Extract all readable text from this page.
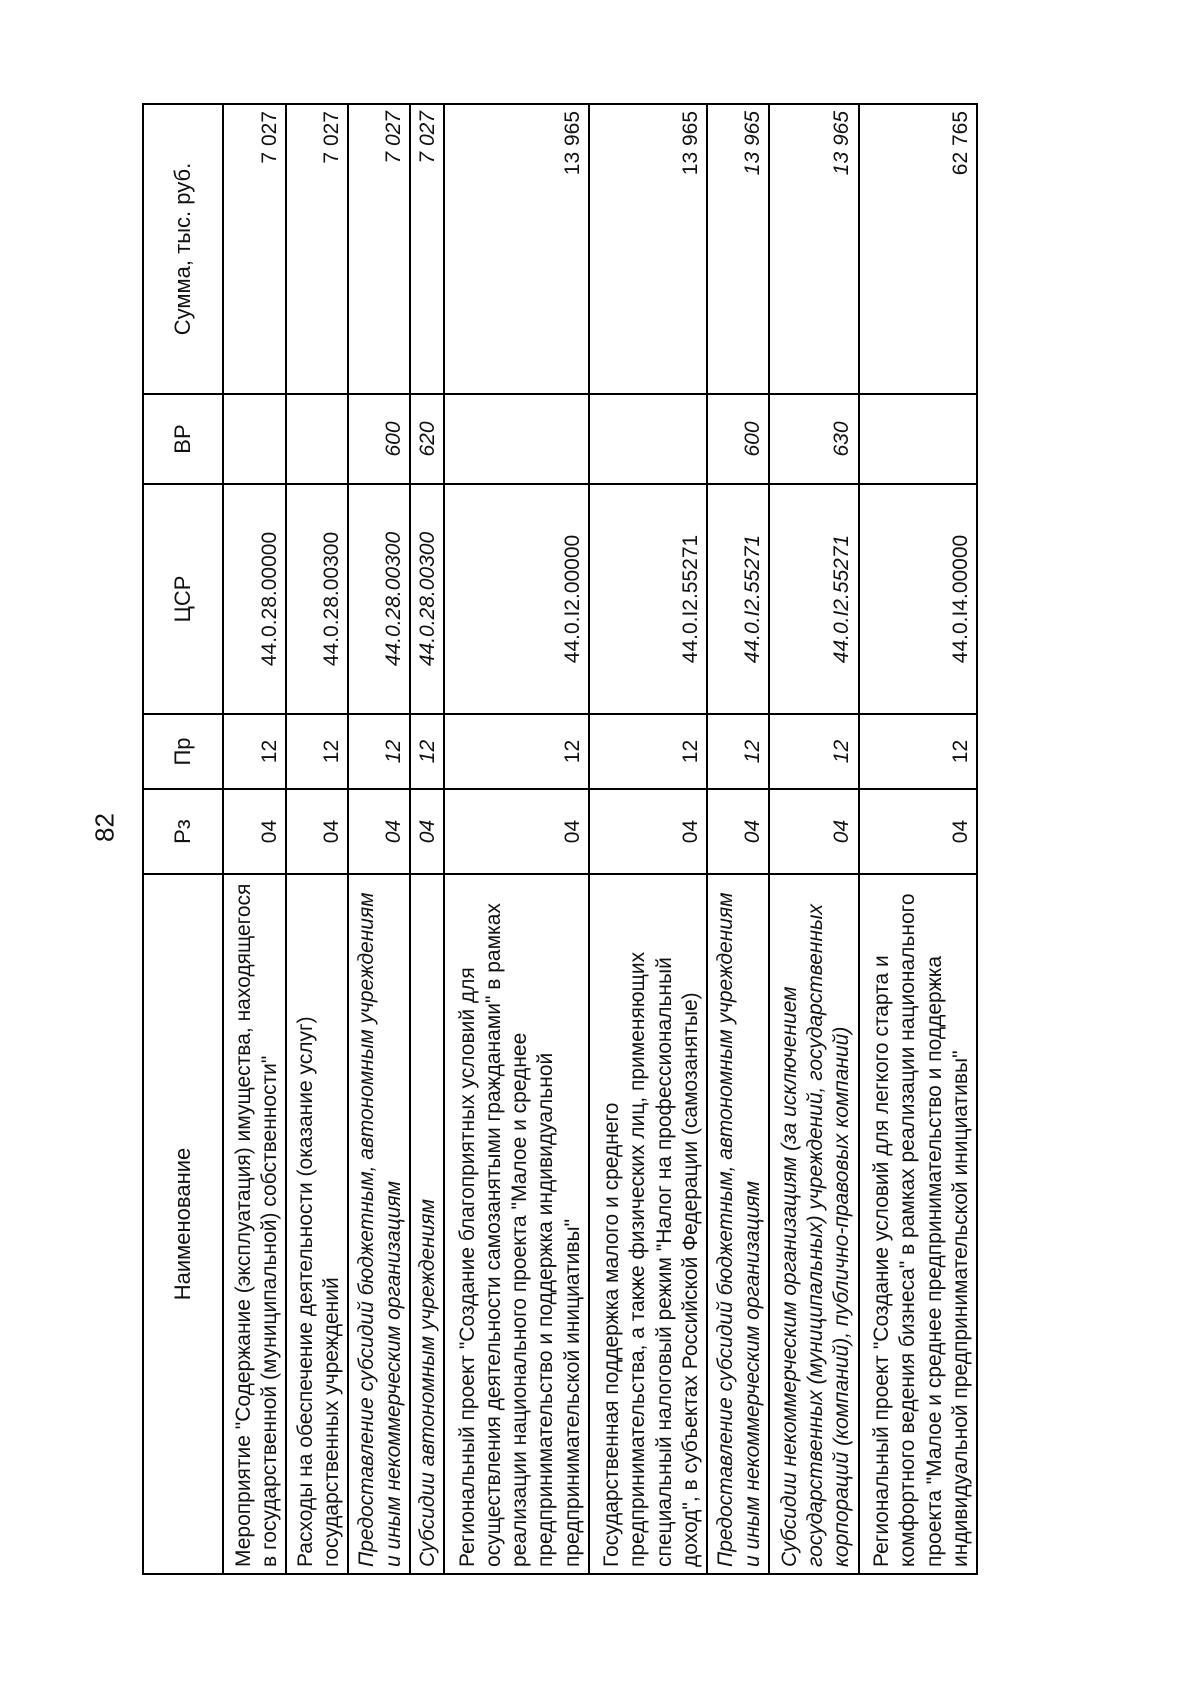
82
Наименование	Рз	Пр	ЦСР	ВР	Сумма, тыс. руб.
Мероприятие "Содержание (эксплуатация) имущества, находящегося в государственной (муниципальной) собственности"	04	12	44.0.28.00000		7 027
Расходы на обеспечение деятельности (оказание услуг) государственных учреждений	04	12	44.0.28.00300		7 027
Предоставление субсидий бюджетным, автономным учреждениям и иным некоммерческим организациям	04	12	44.0.28.00300	600	7 027
Субсидии автономным учреждениям	04	12	44.0.28.00300	620	7 027
Региональный проект "Создание благоприятных условий для осуществления деятельности самозанятыми гражданами" в рамках реализации национального проекта "Малое и среднее предпринимательство и поддержка индивидуальной предпринимательской инициативы"	04	12	44.0.I2.00000		13 965
Государственная поддержка малого и среднего предпринимательства, а также физических лиц, применяющих специальный налоговый режим "Налог на профессиональный доход", в субъектах Российской Федерации (самозанятые)	04	12	44.0.I2.55271		13 965
Предоставление субсидий бюджетным, автономным учреждениям и иным некоммерческим организациям	04	12	44.0.I2.55271	600	13 965
Субсидии некоммерческим организациям (за исключением государственных (муниципальных) учреждений, государственных корпораций (компаний), публично-правовых компаний)	04	12	44.0.I2.55271	630	13 965
Региональный проект "Создание условий для легкого старта и комфортного ведения бизнеса" в рамках реализации национального проекта "Малое и среднее предпринимательство и поддержка индивидуальной предпринимательской инициативы"	04	12	44.0.I4.00000		62 765
